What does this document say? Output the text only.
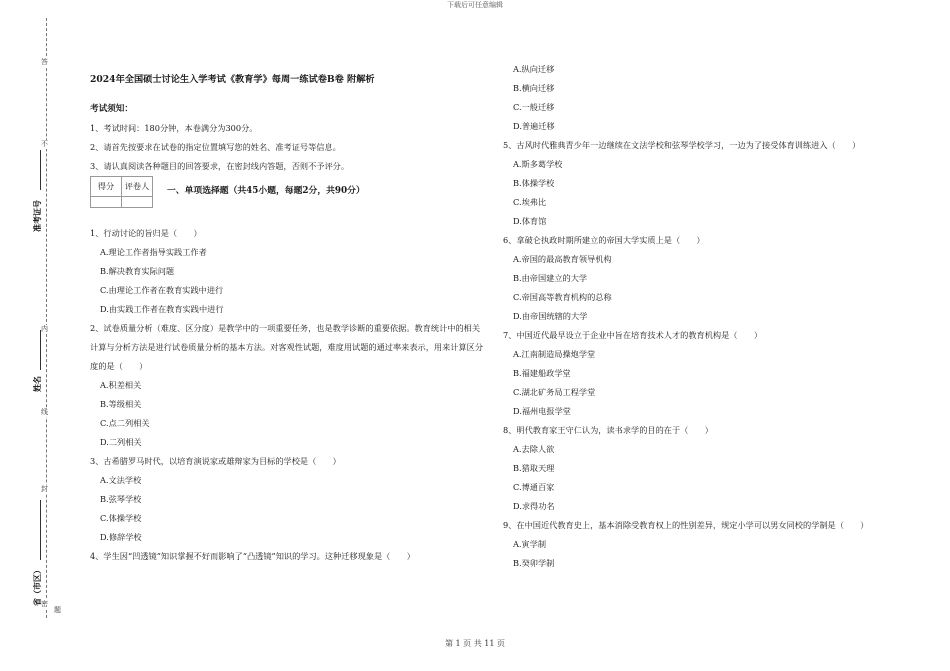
下载后可任意编辑
答
不
内
线
封
密
准考证号
姓名
省（市区）
题
2024年全国硕士讨论生入学考试《教育学》每周一练试卷B卷 附解析
考试须知：
1、考试时间：180分钟，本卷满分为300分。
2、请首先按要求在试卷的指定位置填写您的姓名、准考证号等信息。
3、请认真阅读各种题目的回答要求，在密封线内答题，否则不予评分。
得分	评卷人
	一、单项选择题（共45小题，每题2分，共90分）
1、行动讨论的旨归是（　　）
A.理论工作者指导实践工作者
B.解决教育实际问题
C.由理论工作者在教育实践中进行
D.由实践工作者在教育实践中进行
2、试卷质量分析（难度、区分度）是教学中的一项重要任务，也是教学诊断的重要依据。教育统计中的相关计算与分析方法是进行试卷质量分析的基本方法。对客观性试题，难度用试题的通过率来表示，用来计算区分度的是（　　）
A.积差相关
B.等级相关
C.点二列相关
D.二列相关
3、古希腊罗马时代，以培育演说家或雄辩家为目标的学校是（　　）
A.文法学校
B.弦琴学校
C.体操学校
D.修辞学校
4、学生因“凹透镜”知识掌握不好而影响了“凸透镜”知识的学习。这种迁移现象是（　　）
A.纵向迁移
B.横向迁移
C.一般迁移
D.普遍迁移
5、古风时代雅典青少年一边继续在文法学校和弦琴学校学习，一边为了接受体育训练进入（　　）
A.斯多葛学校
B.体操学校
C.埃弗比
D.体育馆
6、拿破仑执政时期所建立的帝国大学实质上是（　　）
A.帝国的最高教育领导机构
B.由帝国建立的大学
C.帝国高等教育机构的总称
D.由帝国统辖的大学
7、中国近代最早设立于企业中旨在培育技术人才的教育机构是（　　）
A.江南制造局操炮学堂
B.福建船政学堂
C.湖北矿务局工程学堂
D.福州电报学堂
8、明代教育家王守仁认为，读书求学的目的在于（　　）
A.去除人欲
B.猎取天理
C.博通百家
D.求得功名
9、在中国近代教育史上，基本消除受教育权上的性别差异，规定小学可以男女同校的学制是（　　）
A.寅学制
B.癸卯学制
第 1 页 共 11 页
